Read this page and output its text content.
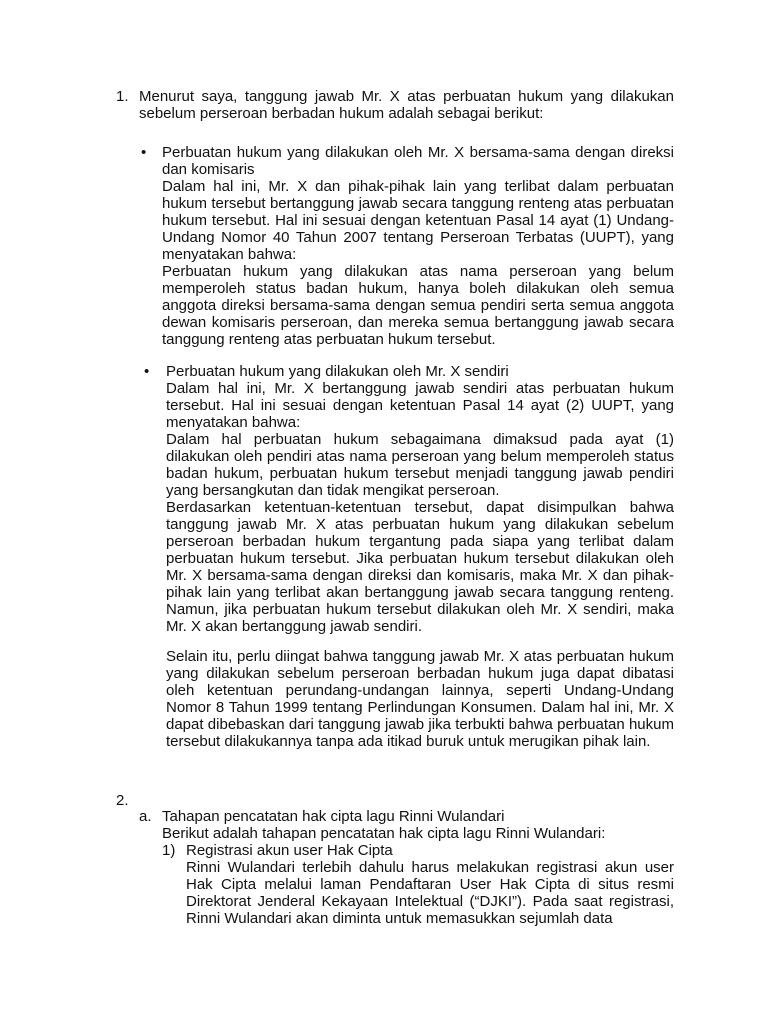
1. Menurut saya, tanggung jawab Mr. X atas perbuatan hukum yang dilakukan sebelum perseroan berbadan hukum adalah sebagai berikut:

• Perbuatan hukum yang dilakukan oleh Mr. X bersama-sama dengan direksi dan komisaris

Dalam hal ini, Mr. X dan pihak-pihak lain yang terlibat dalam perbuatan hukum tersebut bertanggung jawab secara tanggung renteng atas perbuatan hukum tersebut. Hal ini sesuai dengan ketentuan Pasal 14 ayat (1) Undang-Undang Nomor 40 Tahun 2007 tentang Perseroan Terbatas (UUPT), yang menyatakan bahwa:

Perbuatan hukum yang dilakukan atas nama perseroan yang belum memperoleh status badan hukum, hanya boleh dilakukan oleh semua anggota direksi bersama-sama dengan semua pendiri serta semua anggota dewan komisaris perseroan, dan mereka semua bertanggung jawab secara tanggung renteng atas perbuatan hukum tersebut.

• Perbuatan hukum yang dilakukan oleh Mr. X sendiri

Dalam hal ini, Mr. X bertanggung jawab sendiri atas perbuatan hukum tersebut. Hal ini sesuai dengan ketentuan Pasal 14 ayat (2) UUPT, yang menyatakan bahwa:

Dalam hal perbuatan hukum sebagaimana dimaksud pada ayat (1) dilakukan oleh pendiri atas nama perseroan yang belum memperoleh status badan hukum, perbuatan hukum tersebut menjadi tanggung jawab pendiri yang bersangkutan dan tidak mengikat perseroan.

Berdasarkan ketentuan-ketentuan tersebut, dapat disimpulkan bahwa tanggung jawab Mr. X atas perbuatan hukum yang dilakukan sebelum perseroan berbadan hukum tergantung pada siapa yang terlibat dalam perbuatan hukum tersebut. Jika perbuatan hukum tersebut dilakukan oleh Mr. X bersama-sama dengan direksi dan komisaris, maka Mr. X dan pihak-pihak lain yang terlibat akan bertanggung jawab secara tanggung renteng. Namun, jika perbuatan hukum tersebut dilakukan oleh Mr. X sendiri, maka Mr. X akan bertanggung jawab sendiri.

Selain itu, perlu diingat bahwa tanggung jawab Mr. X atas perbuatan hukum yang dilakukan sebelum perseroan berbadan hukum juga dapat dibatasi oleh ketentuan perundang-undangan lainnya, seperti Undang-Undang Nomor 8 Tahun 1999 tentang Perlindungan Konsumen. Dalam hal ini, Mr. X dapat dibebaskan dari tanggung jawab jika terbukti bahwa perbuatan hukum tersebut dilakukannya tanpa ada itikad buruk untuk merugikan pihak lain.

2.
a. Tahapan pencatatan hak cipta lagu Rinni Wulandari

Berikut adalah tahapan pencatatan hak cipta lagu Rinni Wulandari:

1) Registrasi akun user Hak Cipta

Rinni Wulandari terlebih dahulu harus melakukan registrasi akun user Hak Cipta melalui laman Pendaftaran User Hak Cipta di situs resmi Direktorat Jenderal Kekayaan Intelektual (“DJKI”). Pada saat registrasi, Rinni Wulandari akan diminta untuk memasukkan sejumlah data
